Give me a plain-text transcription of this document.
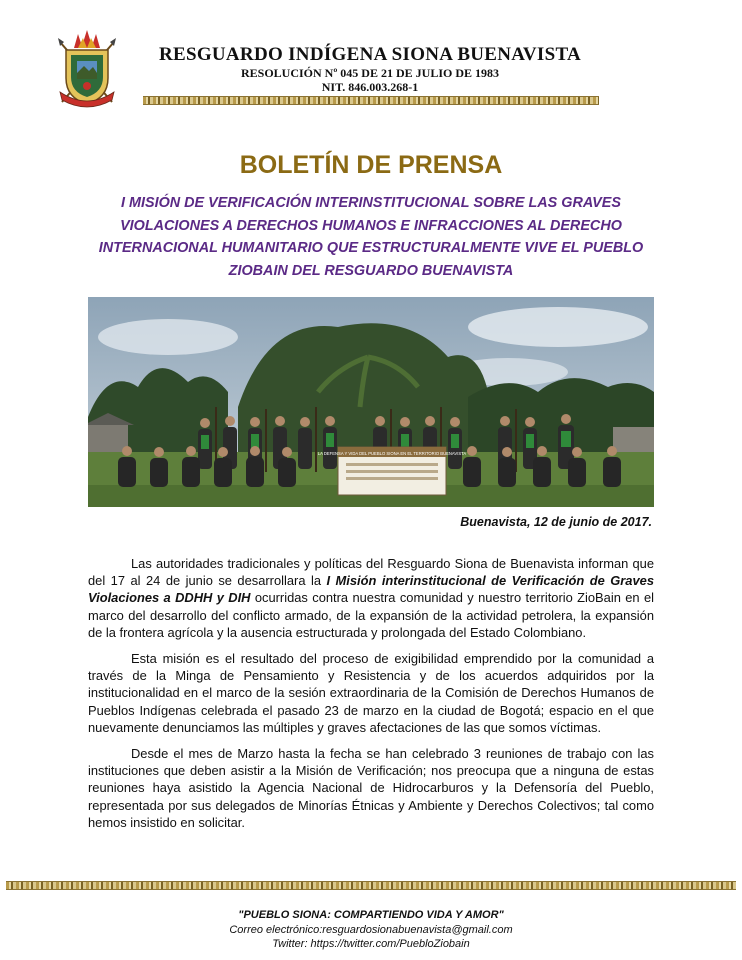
RESGUARDO INDÍGENA SIONA BUENAVISTA
RESOLUCIÓN Nº 045 DE 21 DE JULIO DE 1983
NIT. 846.003.268-1
BOLETÍN DE PRENSA

I MISIÓN DE VERIFICACIÓN INTERINSTITUCIONAL SOBRE LAS GRAVES VIOLACIONES A DERECHOS HUMANOS E INFRACCIONES AL DERECHO INTERNACIONAL HUMANITARIO QUE ESTRUCTURALMENTE VIVE EL PUEBLO ZIOBAIN DEL RESGUARDO BUENAVISTA

LA DEFENSA Y VIDA DEL PUEBLO SIONA EN EL TERRITORIO BUENAVISTA
Buenavista, 12 de junio de 2017.

Las autoridades tradicionales y políticas del Resguardo Siona de Buenavista informan que del 17 al 24 de junio se desarrollara la I Misión interinstitucional de Verificación de Graves Violaciones a DDHH y DIH ocurridas contra nuestra comunidad y nuestro territorio ZioBain en el marco del desarrollo del conflicto armado, de la expansión de la actividad petrolera, la expansión de la frontera agrícola y la ausencia estructurada y prolongada del Estado Colombiano.

Esta misión es el resultado del proceso de exigibilidad emprendido por la comunidad a través de la Minga de Pensamiento y Resistencia y de los acuerdos adquiridos por la institucionalidad en el marco de la sesión extraordinaria de la Comisión de Derechos Humanos de Pueblos Indígenas celebrada el pasado 23 de marzo en la ciudad de Bogotá; espacio en el que nuevamente denunciamos las múltiples y graves afectaciones de las que somos víctimas.

Desde el mes de Marzo hasta la fecha se han celebrado 3 reuniones de trabajo con las instituciones que deben asistir a la Misión de Verificación; nos preocupa que a ninguna de estas reuniones haya asistido la Agencia Nacional de Hidrocarburos y la Defensoría del Pueblo, representada por sus delegados de Minorías Étnicas y Ambiente y Derechos Colectivos; tal como hemos insistido en solicitar.

"PUEBLO SIONA: COMPARTIENDO VIDA Y AMOR"
Correo electrónico:resguardosionabuenavista@gmail.com
Twitter: https://twitter.com/PuebloZiobain
